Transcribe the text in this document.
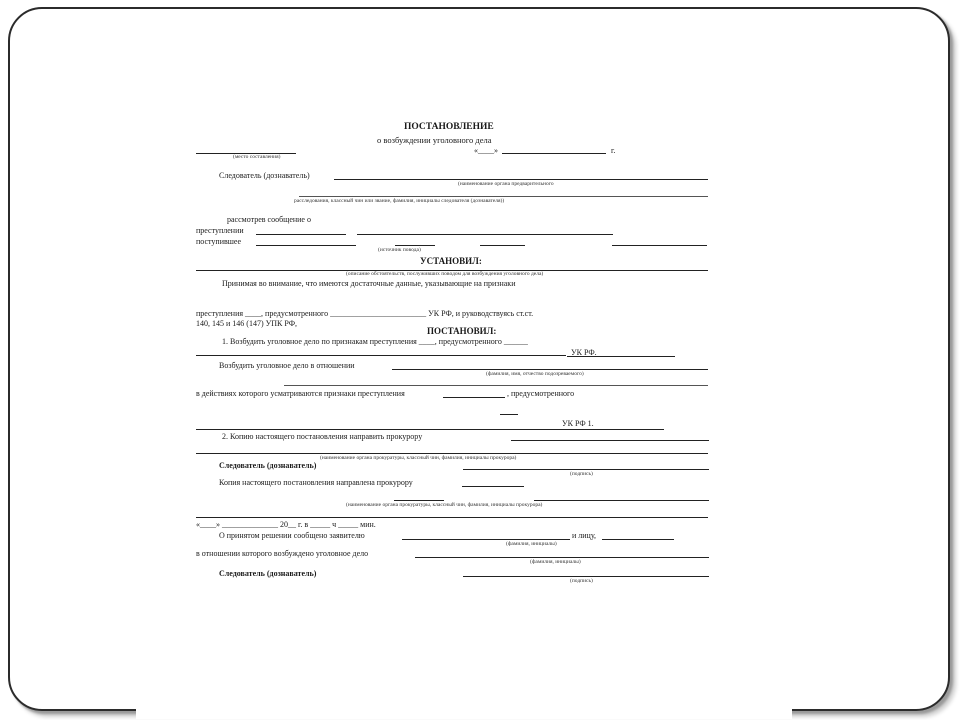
ПОСТАНОВЛЕНИЕ
о возбуждении уголовного дела
(место составления)
«____»	г.
Следователь (дознаватель)
(наименование органа предварительного
расследования, классный чин или звание, фамилия, инициалы следователя (дознавателя))
рассмотрев сообщение о
преступлении
поступившее
(источник повода)
УСТАНОВИЛ:
(описание обстоятельств, послуживших поводом для возбуждения уголовного дела)
Принимая во внимание, что имеются достаточные данные, указывающие на признаки
преступления ____, предусмотренного ________________________ УК РФ, и руководствуясь ст.ст.
140, 145 и 146 (147) УПК РФ,
ПОСТАНОВИЛ:
1. Возбудить уголовное дело по признакам преступления ____, предусмотренного ______
УК РФ.
Возбудить уголовное дело в отношении
(фамилия, имя, отчество подозреваемого)
в действиях которого усматриваются признаки преступления	, предусмотренного
УК РФ 1.
2. Копию настоящего постановления направить прокурору
(наименование органа прокуратуры, классный чин, фамилия, инициалы прокурора)
Следователь (дознаватель)
(подпись)
Копия настоящего постановления направлена прокурору
(наименование органа прокуратуры, классный чин, фамилия, инициалы прокурора)
«____» ______________ 20__ г. в _____ ч _____ мин.
О принятом решении сообщено заявителю	и лицу,
(фамилия, инициалы)
в отношении которого возбуждено уголовное дело
(фамилия, инициалы)
Следователь (дознаватель)
(подпись)
